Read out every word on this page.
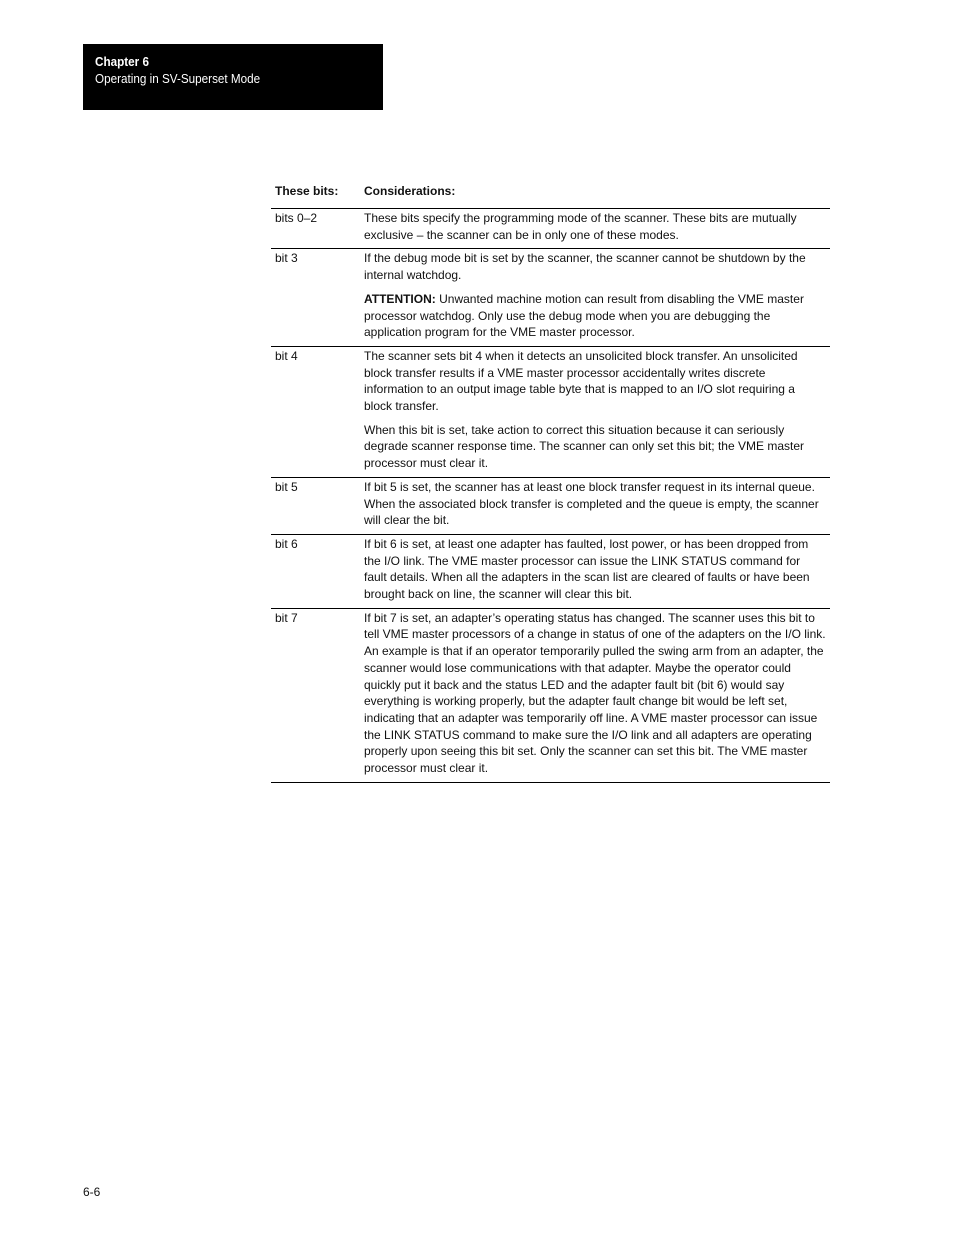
Chapter 6
Operating in SV-Superset Mode
These bits:	Considerations:
bits 0–2	These bits specify the programming mode of the scanner. These bits are mutually exclusive – the scanner can be in only one of these modes.

bit 3	If the debug mode bit is set by the scanner, the scanner cannot be shutdown by the internal watchdog.

ATTENTION: Unwanted machine motion can result from disabling the VME master processor watchdog. Only use the debug mode when you are debugging the application program for the VME master processor.

bit 4	The scanner sets bit 4 when it detects an unsolicited block transfer. An unsolicited block transfer results if a VME master processor accidentally writes discrete information to an output image table byte that is mapped to an I/O slot requiring a block transfer.

When this bit is set, take action to correct this situation because it can seriously degrade scanner response time. The scanner can only set this bit; the VME master processor must clear it.

bit 5	If bit 5 is set, the scanner has at least one block transfer request in its internal queue. When the associated block transfer is completed and the queue is empty, the scanner will clear the bit.

bit 6	If bit 6 is set, at least one adapter has faulted, lost power, or has been dropped from the I/O link. The VME master processor can issue the LINK STATUS command for fault details. When all the adapters in the scan list are cleared of faults or have been brought back on line, the scanner will clear this bit.

bit 7	If bit 7 is set, an adapter’s operating status has changed. The scanner uses this bit to tell VME master processors of a change in status of one of the adapters on the I/O link. An example is that if an operator temporarily pulled the swing arm from an adapter, the scanner would lose communications with that adapter. Maybe the operator could quickly put it back and the status LED and the adapter fault bit (bit 6) would say everything is working properly, but the adapter fault change bit would be left set, indicating that an adapter was temporarily off line. A VME master processor can issue the LINK STATUS command to make sure the I/O link and all adapters are operating properly upon seeing this bit set. Only the scanner can set this bit. The VME master processor must clear it.

6-6
